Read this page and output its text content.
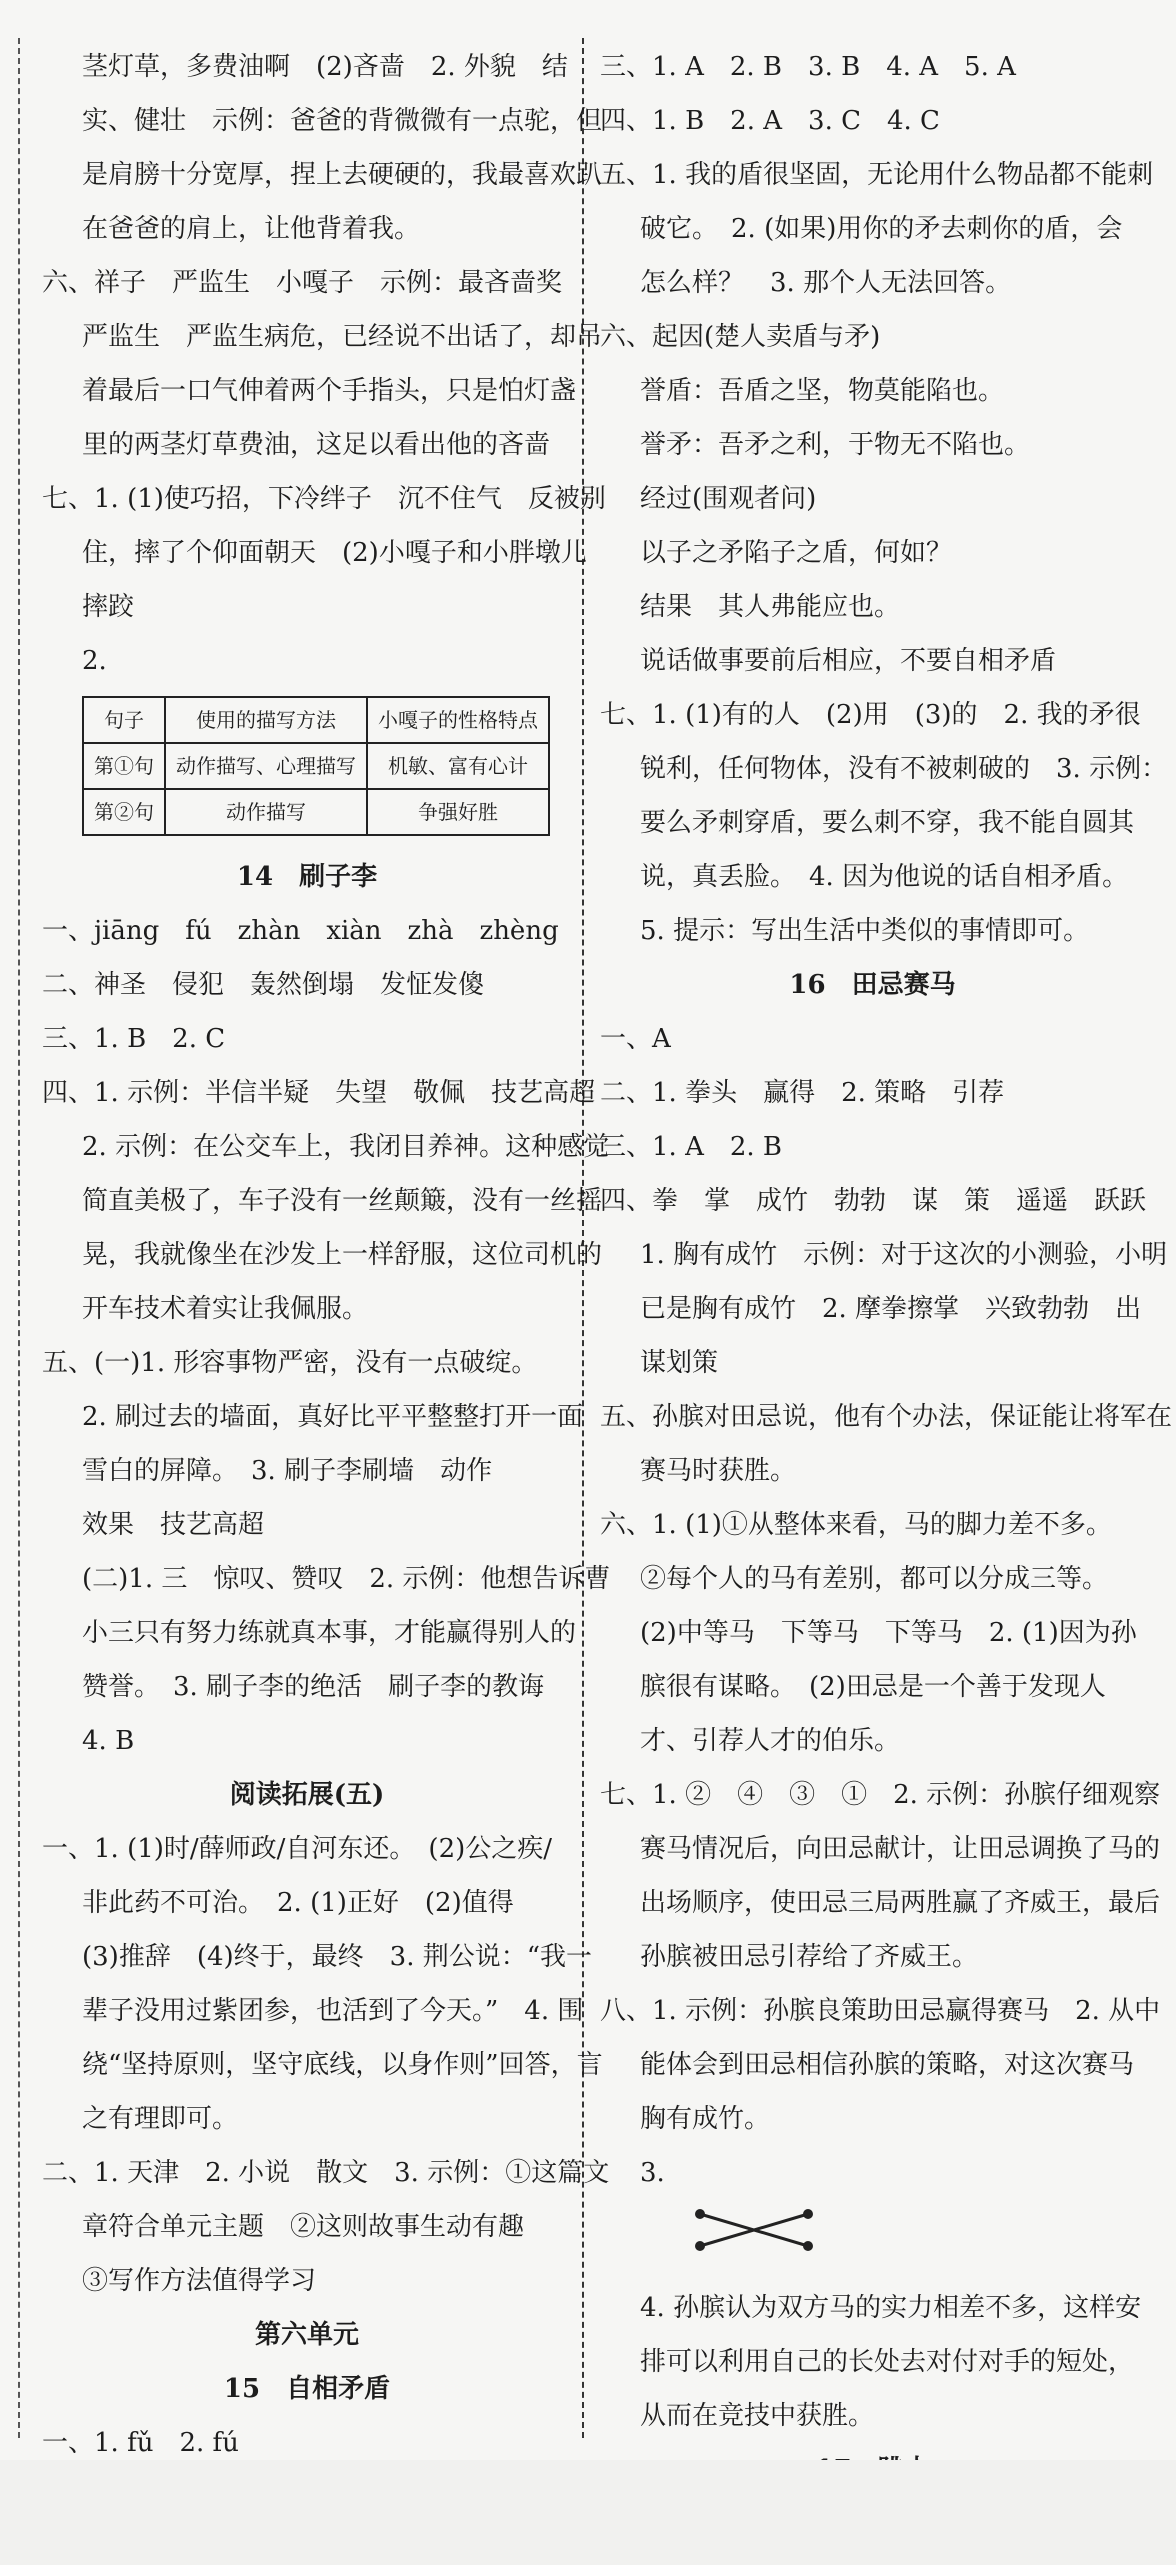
茎灯草，多费油啊　(2)吝啬　2. 外貌　结
实、健壮　示例：爸爸的背微微有一点驼，但
是肩膀十分宽厚，捏上去硬硬的，我最喜欢趴
在爸爸的肩上，让他背着我。
六、祥子　严监生　小嘎子　示例：最吝啬奖
严监生　严监生病危，已经说不出话了，却吊
着最后一口气伸着两个手指头，只是怕灯盏
里的两茎灯草费油，这足以看出他的吝啬
七、1. (1)使巧招，下冷绊子　沉不住气　反被别
住，摔了个仰面朝天　(2)小嘎子和小胖墩儿
摔跤
2.
句子	使用的描写方法	小嘎子的性格特点
第①句	动作描写、心理描写	机敏、富有心计
第②句	动作描写	争强好胜
14　刷子李
一、jiāng　fú　zhàn　xiàn　zhà　zhèng
二、神圣　侵犯　轰然倒塌　发怔发傻
三、1. B　2. C
四、1. 示例：半信半疑　失望　敬佩　技艺高超
2. 示例：在公交车上，我闭目养神。这种感觉
简直美极了，车子没有一丝颠簸，没有一丝摇
晃，我就像坐在沙发上一样舒服，这位司机的
开车技术着实让我佩服。
五、(一)1. 形容事物严密，没有一点破绽。
2. 刷过去的墙面，真好比平平整整打开一面
雪白的屏障。　3. 刷子李刷墙　动作
效果　技艺高超
(二)1. 三　惊叹、赞叹　2. 示例：他想告诉曹
小三只有努力练就真本事，才能赢得别人的
赞誉。　3. 刷子李的绝活　刷子李的教诲
4. B
阅读拓展(五)
一、1. (1)时/薛师政/自河东还。　(2)公之疾/
非此药不可治。　2. (1)正好　(2)值得
(3)推辞　(4)终于，最终　3. 荆公说：“我一
辈子没用过紫团参，也活到了今天。”　4. 围
绕“坚持原则，坚守底线，以身作则”回答，言
之有理即可。
二、1. 天津　2. 小说　散文　3. 示例：①这篇文
章符合单元主题　②这则故事生动有趣
③写作方法值得学习
第六单元
15　自相矛盾
一、1. fǔ　2. fú
三、1. A　2. B　3. B　4. A　5. A
四、1. B　2. A　3. C　4. C
五、1. 我的盾很坚固，无论用什么物品都不能刺
破它。　2. (如果)用你的矛去刺你的盾，会
怎么样？　3. 那个人无法回答。
六、起因(楚人卖盾与矛)
誉盾：吾盾之坚，物莫能陷也。
誉矛：吾矛之利，于物无不陷也。
经过(围观者问)
以子之矛陷子之盾，何如？
结果　其人弗能应也。
说话做事要前后相应，不要自相矛盾
七、1. (1)有的人　(2)用　(3)的　2. 我的矛很
锐利，任何物体，没有不被刺破的　3. 示例：
要么矛刺穿盾，要么刺不穿，我不能自圆其
说，真丢脸。　4. 因为他说的话自相矛盾。
5. 提示：写出生活中类似的事情即可。
16　田忌赛马
一、A
二、1. 拳头　赢得　2. 策略　引荐
三、1. A　2. B
四、拳　掌　成竹　勃勃　谋　策　遥遥　跃跃
1. 胸有成竹　示例：对于这次的小测验，小明
已是胸有成竹　2. 摩拳擦掌　兴致勃勃　出
谋划策
五、孙膑对田忌说，他有个办法，保证能让将军在
赛马时获胜。
六、1. (1)①从整体来看，马的脚力差不多。
②每个人的马有差别，都可以分成三等。
(2)中等马　下等马　下等马　2. (1)因为孙
膑很有谋略。　(2)田忌是一个善于发现人
才、引荐人才的伯乐。
七、1. ②　④　③　①　2. 示例：孙膑仔细观察
赛马情况后，向田忌献计，让田忌调换了马的
出场顺序，使田忌三局两胜赢了齐威王，最后
孙膑被田忌引荐给了齐威王。
八、1. 示例：孙膑良策助田忌赢得赛马　2. 从中
能体会到田忌相信孙膑的策略，对这次赛马
胸有成竹。
3.
4. 孙膑认为双方马的实力相差不多，这样安
排可以利用自己的长处去对付对手的短处，
从而在竞技中获胜。
